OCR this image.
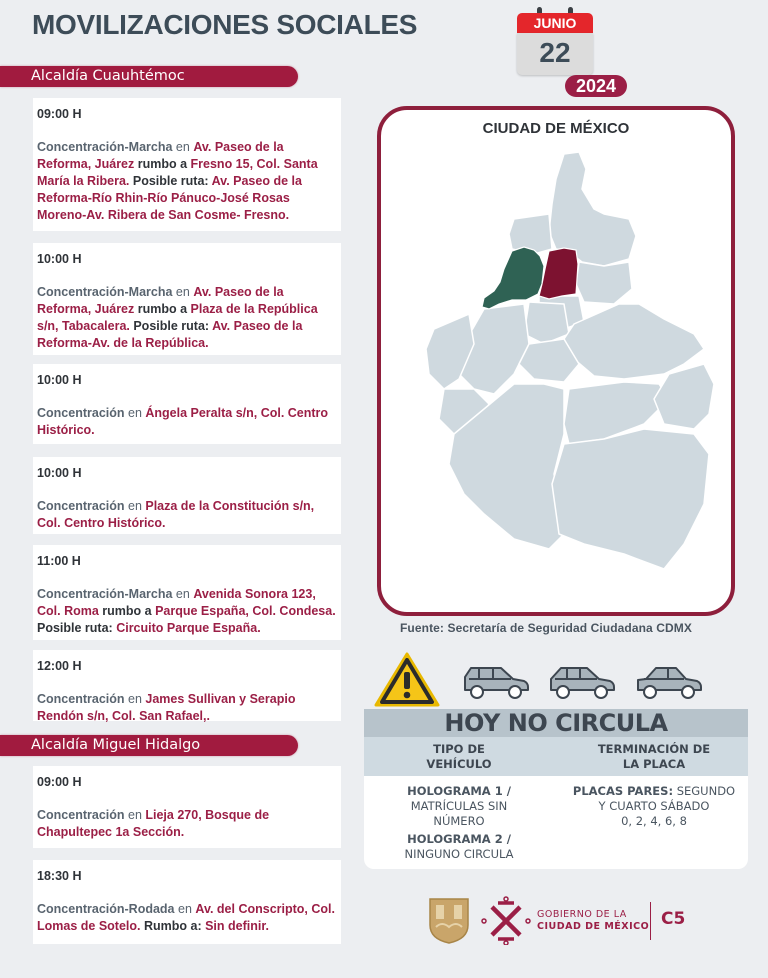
MOVILIZACIONES SOCIALES	JUNIO
22
2024
Alcaldía Cuauhtémoc
09:00 H
Concentración-Marcha en Av. Paseo de la Reforma, Juárez rumbo a Fresno 15, Col. Santa María la Ribera. Posible ruta: Av. Paseo de la Reforma-Río Rhin-Río Pánuco-José Rosas Moreno-Av. Ribera de San Cosme- Fresno.
10:00 H
Concentración-Marcha en Av. Paseo de la Reforma, Juárez rumbo a Plaza de la República s/n, Tabacalera. Posible ruta: Av. Paseo de la Reforma-Av. de la República.
10:00 H
Concentración en Ángela Peralta s/n, Col. Centro Histórico.
10:00 H
Concentración en Plaza de la Constitución s/n, Col. Centro Histórico.
11:00 H
Concentración-Marcha en Avenida Sonora 123, Col. Roma rumbo a Parque España, Col. Condesa. Posible ruta: Circuito Parque España.
12:00 H
Concentración en James Sullivan y Serapio Rendón s/n, Col. San Rafael,.
Alcaldía Miguel Hidalgo
09:00 H
Concentración en Lieja 270, Bosque de Chapultepec 1a Sección.
18:30 H
Concentración-Rodada en Av. del Conscripto, Col. Lomas de Sotelo. Rumbo a: Sin definir.
CIUDAD DE MÉXICO
Fuente: Secretaría de Seguridad Ciudadana CDMX
HOY NO CIRCULA
TIPO DE
VEHÍCULO
TERMINACIÓN DE
LA PLACA
HOLOGRAMA 1 /
MATRÍCULAS SIN
NÚMERO
HOLOGRAMA 2 /
NINGUNO CIRCULA
PLACAS PARES: SEGUNDO
Y CUARTO SÁBADO
0, 2, 4, 6, 8
GOBIERNO DE LA
CIUDAD DE MÉXICO C5
